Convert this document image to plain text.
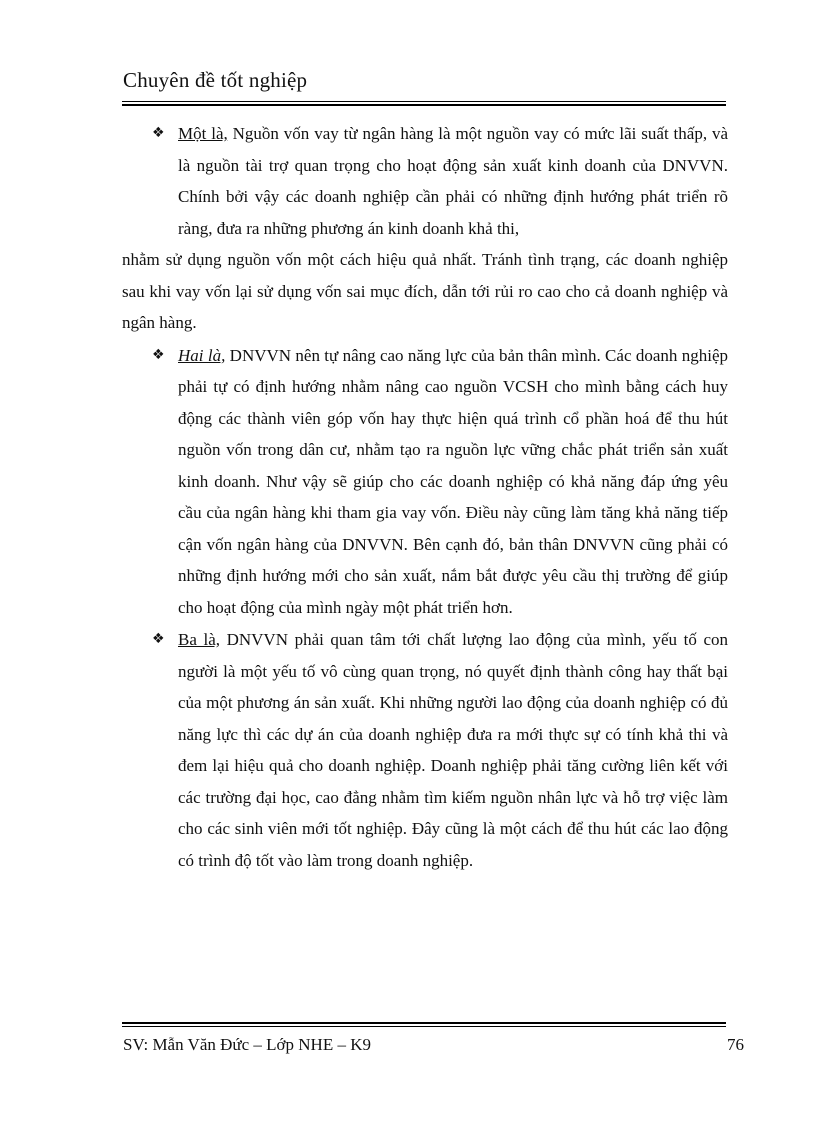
Chuyên đề tốt nghiệp
❖ Một là, Nguồn vốn vay từ ngân hàng là một nguồn vay có mức lãi suất thấp, và là nguồn tài trợ quan trọng cho hoạt động sản xuất kinh doanh của DNVVN. Chính bởi vậy các doanh nghiệp cần phải có những định hướng phát triển rõ ràng, đưa ra những phương án kinh doanh khả thi,
nhằm sử dụng nguồn vốn một cách hiệu quả nhất. Tránh tình trạng, các doanh nghiệp sau khi vay vốn lại sử dụng vốn sai mục đích, dẫn tới rủi ro cao cho cả doanh nghiệp và ngân hàng.
❖ Hai là, DNVVN nên tự nâng cao năng lực của bản thân mình. Các doanh nghiệp phải tự có định hướng nhằm nâng cao nguồn VCSH cho mình bằng cách huy động các thành viên góp vốn hay thực hiện quá trình cổ phần hoá để thu hút nguồn vốn trong dân cư, nhằm tạo ra nguồn lực vững chắc phát triển sản xuất kinh doanh. Như vậy sẽ giúp cho các doanh nghiệp có khả năng đáp ứng yêu cầu của ngân hàng khi tham gia vay vốn. Điều này cũng làm tăng khả năng tiếp cận vốn ngân hàng của DNVVN. Bên cạnh đó, bản thân DNVVN cũng phải có những định hướng mới cho sản xuất, nắm bắt được yêu cầu thị trường để giúp cho hoạt động của mình ngày một phát triển hơn.
❖ Ba là, DNVVN phải quan tâm tới chất lượng lao động của mình, yếu tố con người là một yếu tố vô cùng quan trọng, nó quyết định thành công hay thất bại của một phương án sản xuất. Khi những người lao động của doanh nghiệp có đủ năng lực thì các dự án của doanh nghiệp đưa ra mới thực sự có tính khả thi và đem lại hiệu quả cho doanh nghiệp. Doanh nghiệp phải tăng cường liên kết với các trường đại học, cao đẳng nhằm tìm kiếm nguồn nhân lực và hỗ trợ việc làm cho các sinh viên mới tốt nghiệp. Đây cũng là một cách để thu hút các lao động có trình độ tốt vào làm trong doanh nghiệp.
SV: Mẫn Văn Đức – Lớp NHE – K9	76
